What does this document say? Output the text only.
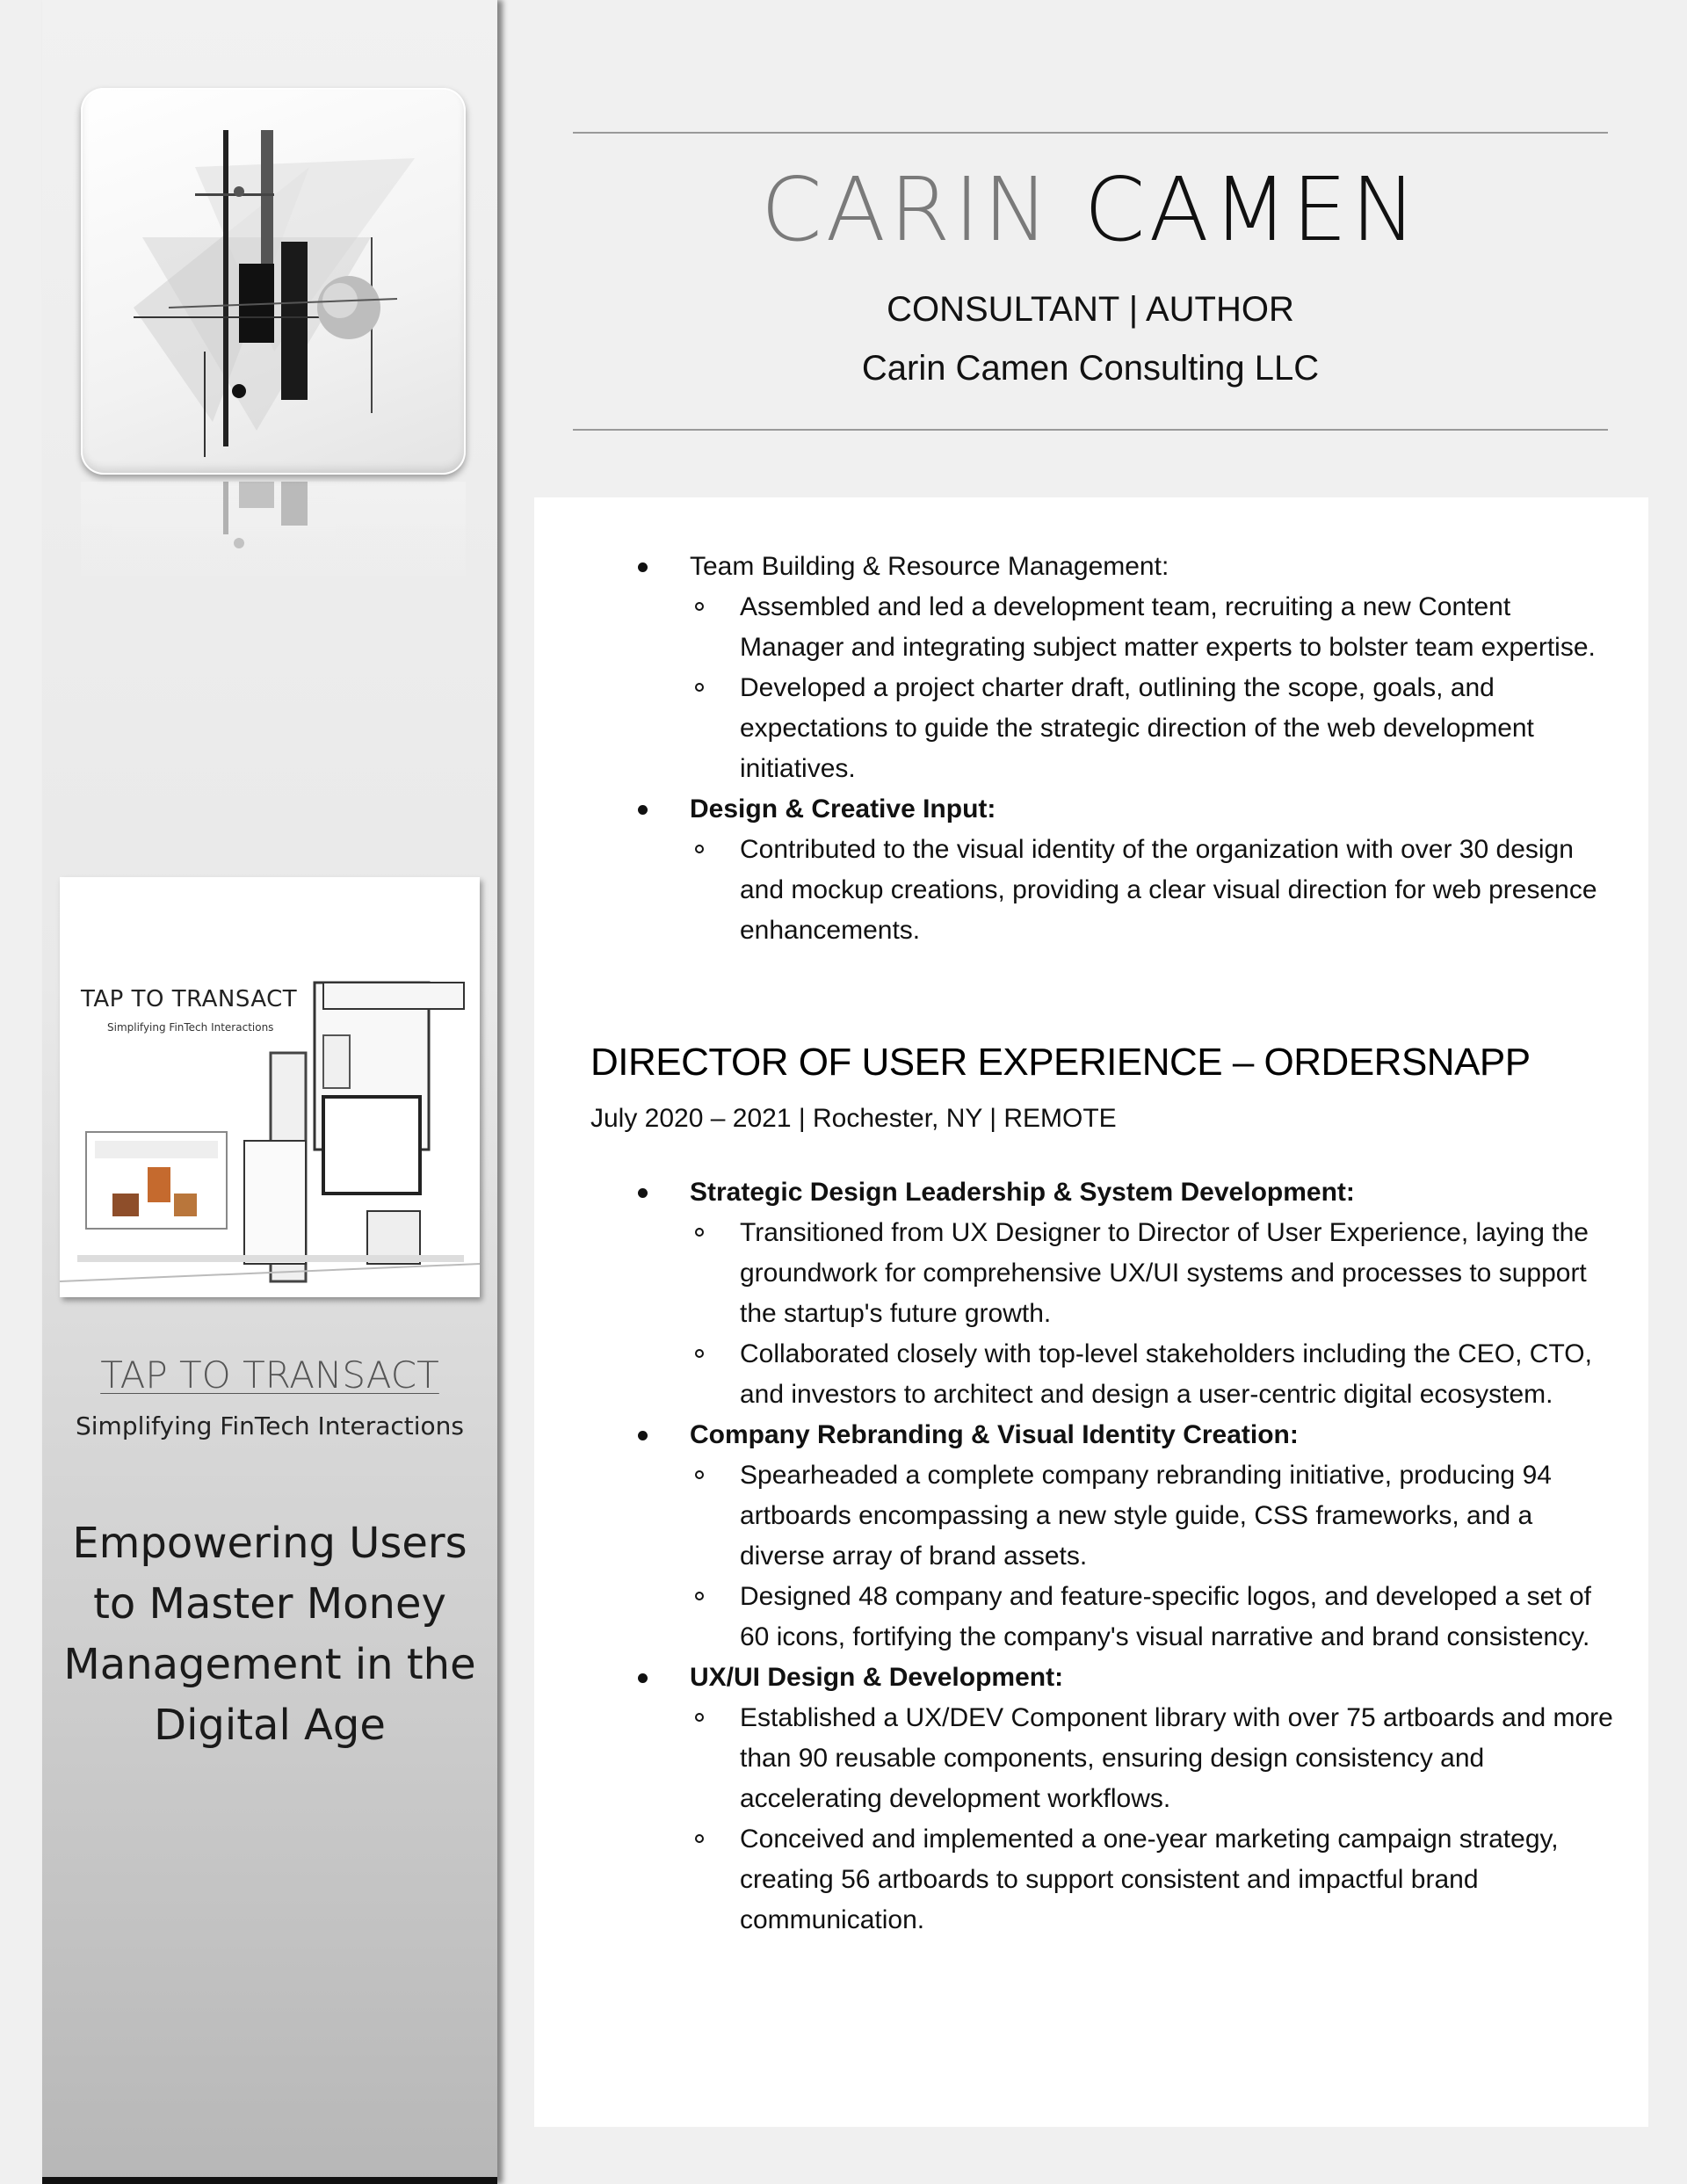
TAP TO TRANSACT
Simplifying FinTech Interactions
TAP TO TRANSACT
Simplifying FinTech Interactions
Empowering Users to Master Money Management in the Digital Age
CARIN CAMEN
CONSULTANT | AUTHOR
Carin Camen Consulting LLC
Team Building & Resource Management:
Assembled and led a development team, recruiting a new Content Manager and integrating subject matter experts to bolster team expertise.
Developed a project charter draft, outlining the scope, goals, and expectations to guide the strategic direction of the web development initiatives.
Design & Creative Input:
Contributed to the visual identity of the organization with over 30 design and mockup creations, providing a clear visual direction for web presence enhancements.
DIRECTOR OF USER EXPERIENCE – ORDERSNAPP
July 2020 – 2021 | Rochester, NY | REMOTE
Strategic Design Leadership & System Development:
Transitioned from UX Designer to Director of User Experience, laying the groundwork for comprehensive UX/UI systems and processes to support the startup's future growth.
Collaborated closely with top-level stakeholders including the CEO, CTO, and investors to architect and design a user-centric digital ecosystem.
Company Rebranding & Visual Identity Creation:
Spearheaded a complete company rebranding initiative, producing 94 artboards encompassing a new style guide, CSS frameworks, and a diverse array of brand assets.
Designed 48 company and feature-specific logos, and developed a set of 60 icons, fortifying the company's visual narrative and brand consistency.
UX/UI Design & Development:
Established a UX/DEV Component library with over 75 artboards and more than 90 reusable components, ensuring design consistency and accelerating development workflows.
Conceived and implemented a one-year marketing campaign strategy, creating 56 artboards to support consistent and impactful brand communication.
